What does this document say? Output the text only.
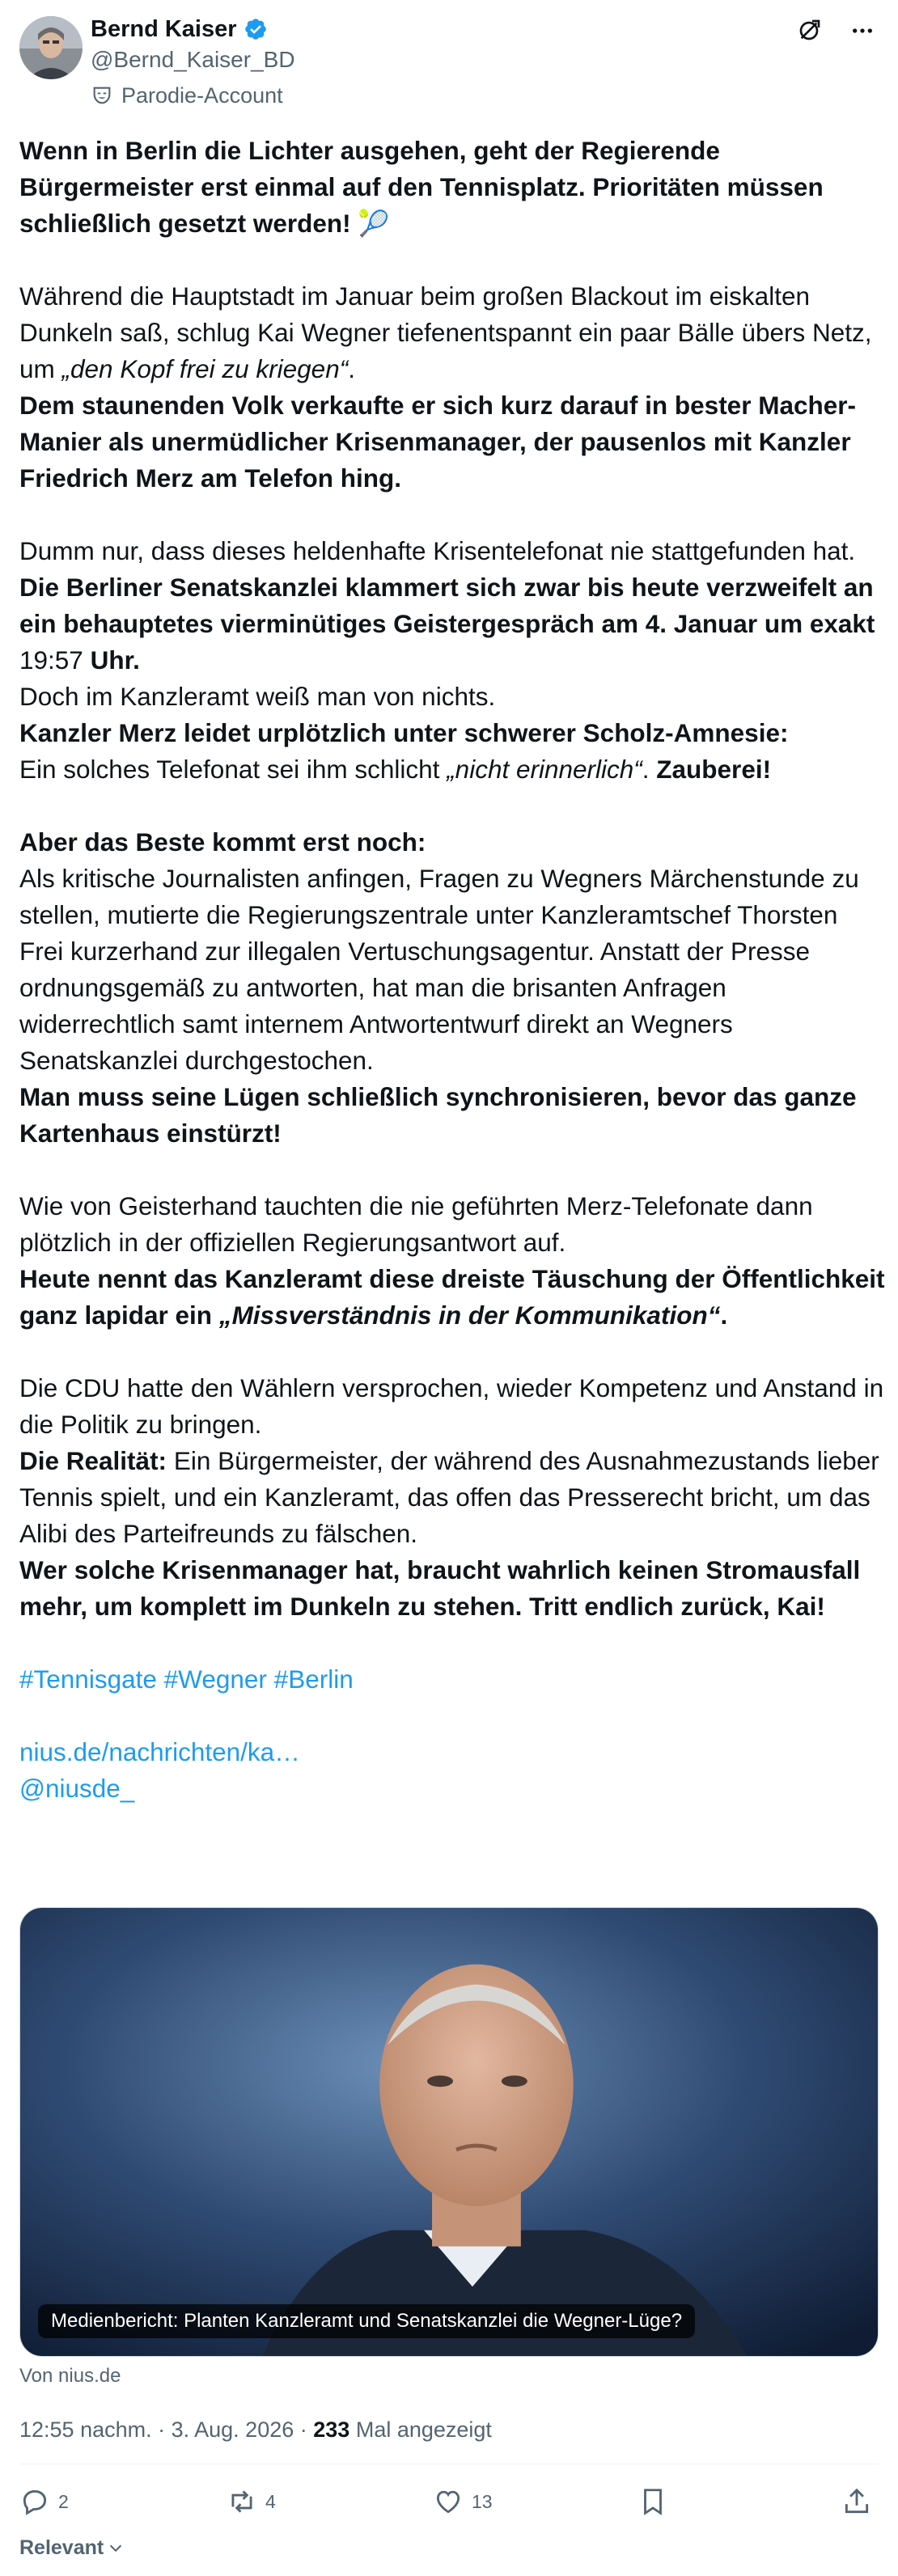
Bernd Kaiser
@Bernd_Kaiser_BD
Parodie-Account
Wenn in Berlin die Lichter ausgehen, geht der Regierende Bürgermeister erst einmal auf den Tennisplatz. Prioritäten müssen schließlich gesetzt werden! 🎾
Während die Hauptstadt im Januar beim großen Blackout im eiskalten Dunkeln saß, schlug Kai Wegner tiefenentspannt ein paar Bälle übers Netz, um „den Kopf frei zu kriegen“.
Dem staunenden Volk verkaufte er sich kurz darauf in bester Macher-Manier als unermüdlicher Krisenmanager, der pausenlos mit Kanzler Friedrich Merz am Telefon hing.
Dumm nur, dass dieses heldenhafte Krisentelefonat nie stattgefunden hat.
Die Berliner Senatskanzlei klammert sich zwar bis heute verzweifelt an ein behauptetes vierminütiges Geistergespräch am 4. Januar um exakt 19:57 Uhr.
Doch im Kanzleramt weiß man von nichts.
Kanzler Merz leidet urplötzlich unter schwerer Scholz-Amnesie:
Ein solches Telefonat sei ihm schlicht „nicht erinnerlich“. Zauberei!
Aber das Beste kommt erst noch:
Als kritische Journalisten anfingen, Fragen zu Wegners Märchenstunde zu stellen, mutierte die Regierungszentrale unter Kanzleramtschef Thorsten Frei kurzerhand zur illegalen Vertuschungsagentur. Anstatt der Presse ordnungsgemäß zu antworten, hat man die brisanten Anfragen widerrechtlich samt internem Antwortentwurf direkt an Wegners Senatskanzlei durchgestochen.
Man muss seine Lügen schließlich synchronisieren, bevor das ganze Kartenhaus einstürzt!
Wie von Geisterhand tauchten die nie geführten Merz-Telefonate dann plötzlich in der offiziellen Regierungsantwort auf.
Heute nennt das Kanzleramt diese dreiste Täuschung der Öffentlichkeit ganz lapidar ein „Missverständnis in der Kommunikation“.
Die CDU hatte den Wählern versprochen, wieder Kompetenz und Anstand in die Politik zu bringen.
Die Realität: Ein Bürgermeister, der während des Ausnahmezustands lieber Tennis spielt, und ein Kanzleramt, das offen das Presserecht bricht, um das Alibi des Parteifreunds zu fälschen.
Wer solche Krisenmanager hat, braucht wahrlich keinen Stromausfall mehr, um komplett im Dunkeln zu stehen. Tritt endlich zurück, Kai!
#Tennisgate #Wegner #Berlin
nius.de/nachrichten/ka…
@niusde_
Medienbericht: Planten Kanzleramt und Senatskanzlei die Wegner-Lüge?
Von nius.de
12:55 nachm. · 3. Aug. 2026 · 233 Mal angezeigt
2	4	13
Relevant
